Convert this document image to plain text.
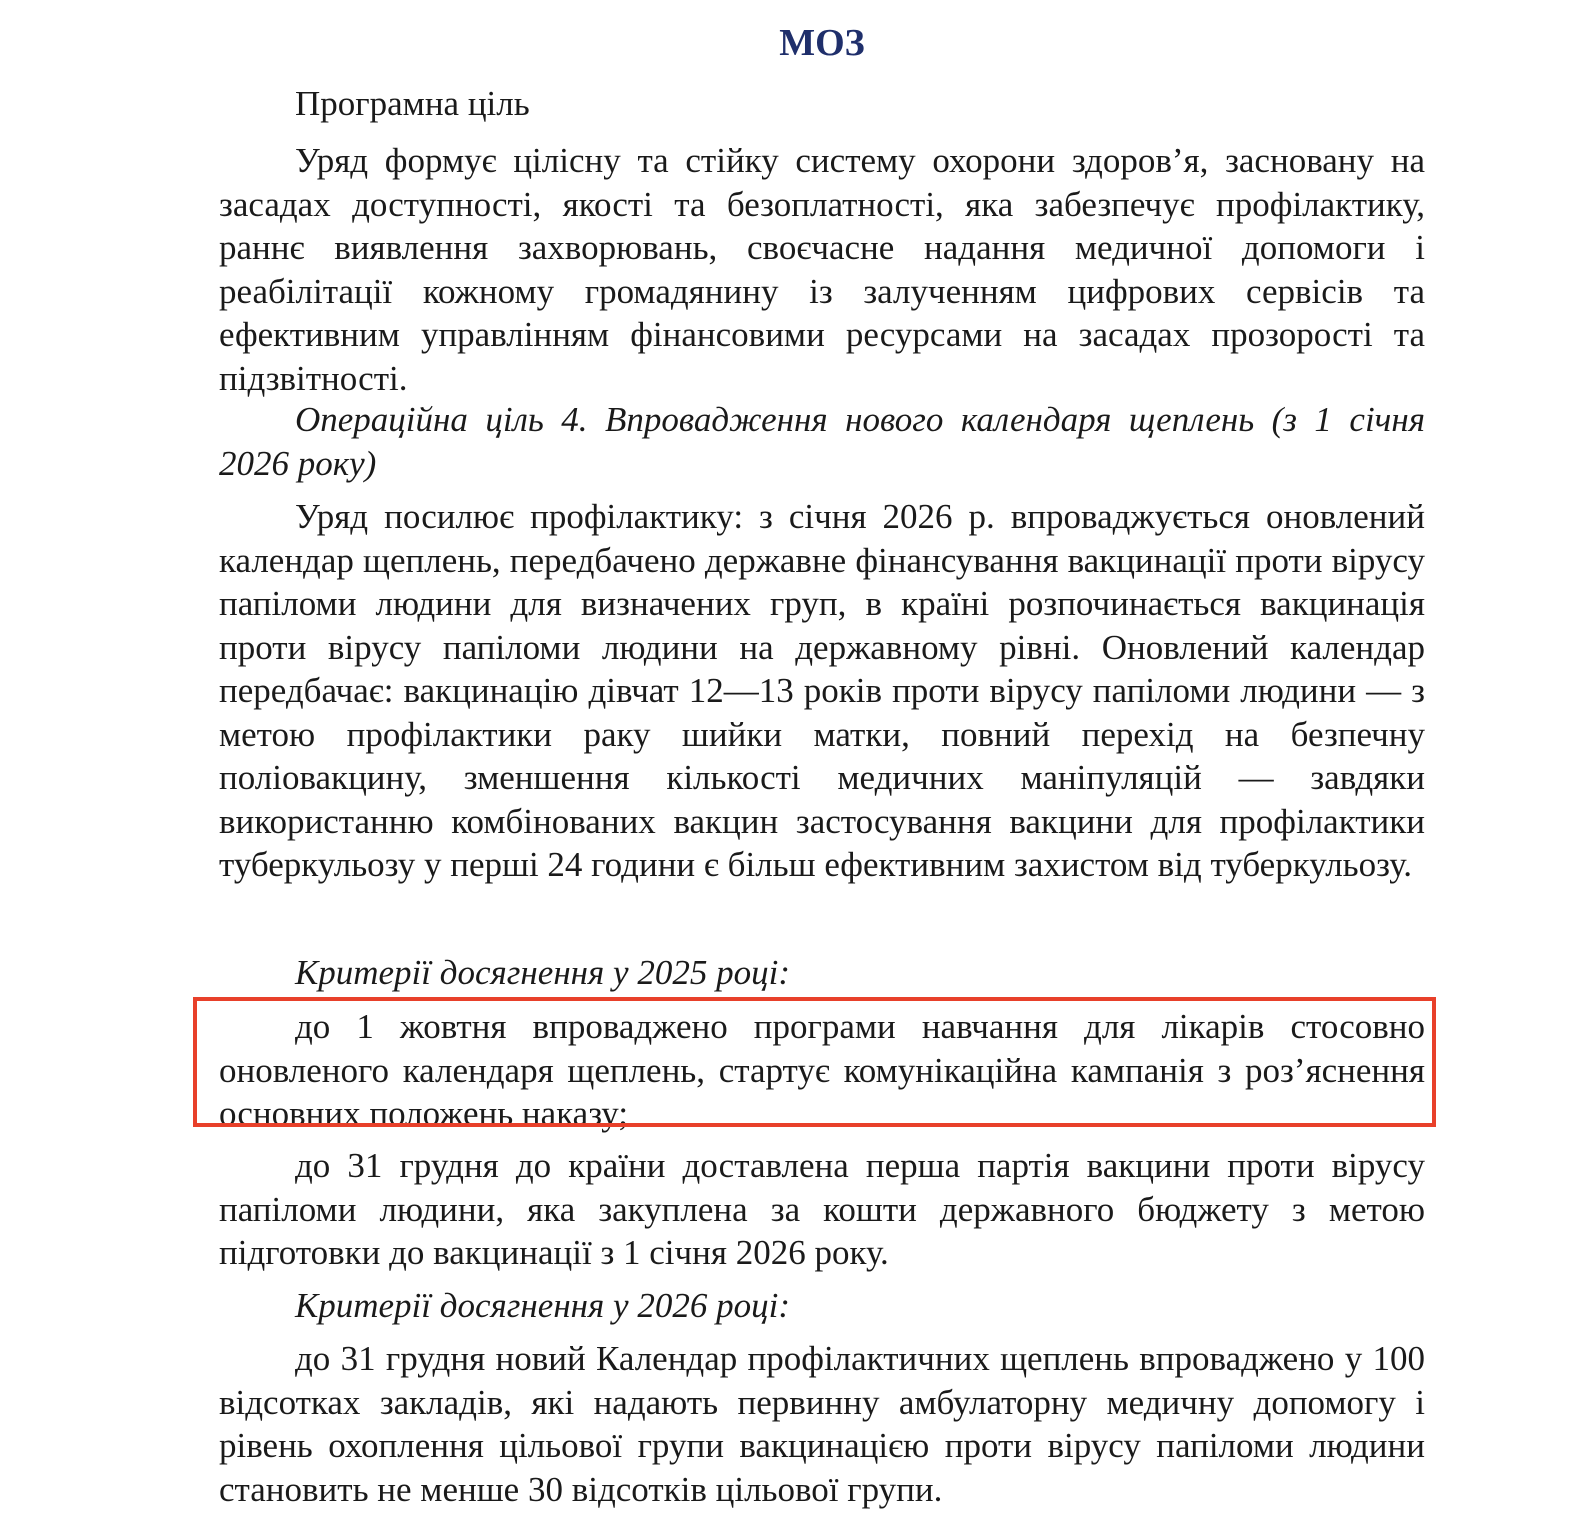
МОЗ

Програмна ціль

Уряд формує цілісну та стійку систему охорони здоров’я, засновану на засадах доступності, якості та безоплатності, яка забезпечує профілактику, раннє виявлення захворювань, своєчасне надання медичної допомоги і реабілітації кожному громадянину із залученням цифрових сервісів та ефективним управлінням фінансовими ресурсами на засадах прозорості та підзвітності.

Операційна ціль 4. Впровадження нового календаря щеплень (з 1 січня 2026 року)

Уряд посилює профілактику: з січня 2026 р. впроваджується оновлений календар щеплень, передбачено державне фінансування вакцинації проти вірусу папіломи людини для визначених груп, в країні розпочинається вакцинація проти вірусу папіломи людини на державному рівні. Оновлений календар передбачає: вакцинацію дівчат 12—13 років проти вірусу папіломи людини — з метою профілактики раку шийки матки, повний перехід на безпечну поліовакцину, зменшення кількості медичних маніпуляцій — завдяки використанню комбінованих вакцин застосування вакцини для профілактики туберкульозу у перші 24 години є більш ефективним захистом від туберкульозу.

Критерії досягнення у 2025 році:

до 1 жовтня впроваджено програми навчання для лікарів стосовно оновленого календаря щеплень, стартує комунікаційна кампанія з роз’яснення основних положень наказу;

до 31 грудня до країни доставлена перша партія вакцини проти вірусу папіломи людини, яка закуплена за кошти державного бюджету з метою підготовки до вакцинації з 1 січня 2026 року.

Критерії досягнення у 2026 році:

до 31 грудня новий Календар профілактичних щеплень впроваджено у 100 відсотках закладів, які надають первинну амбулаторну медичну допомогу і рівень охоплення цільової групи вакцинацією проти вірусу папіломи людини становить не менше 30 відсотків цільової групи.
